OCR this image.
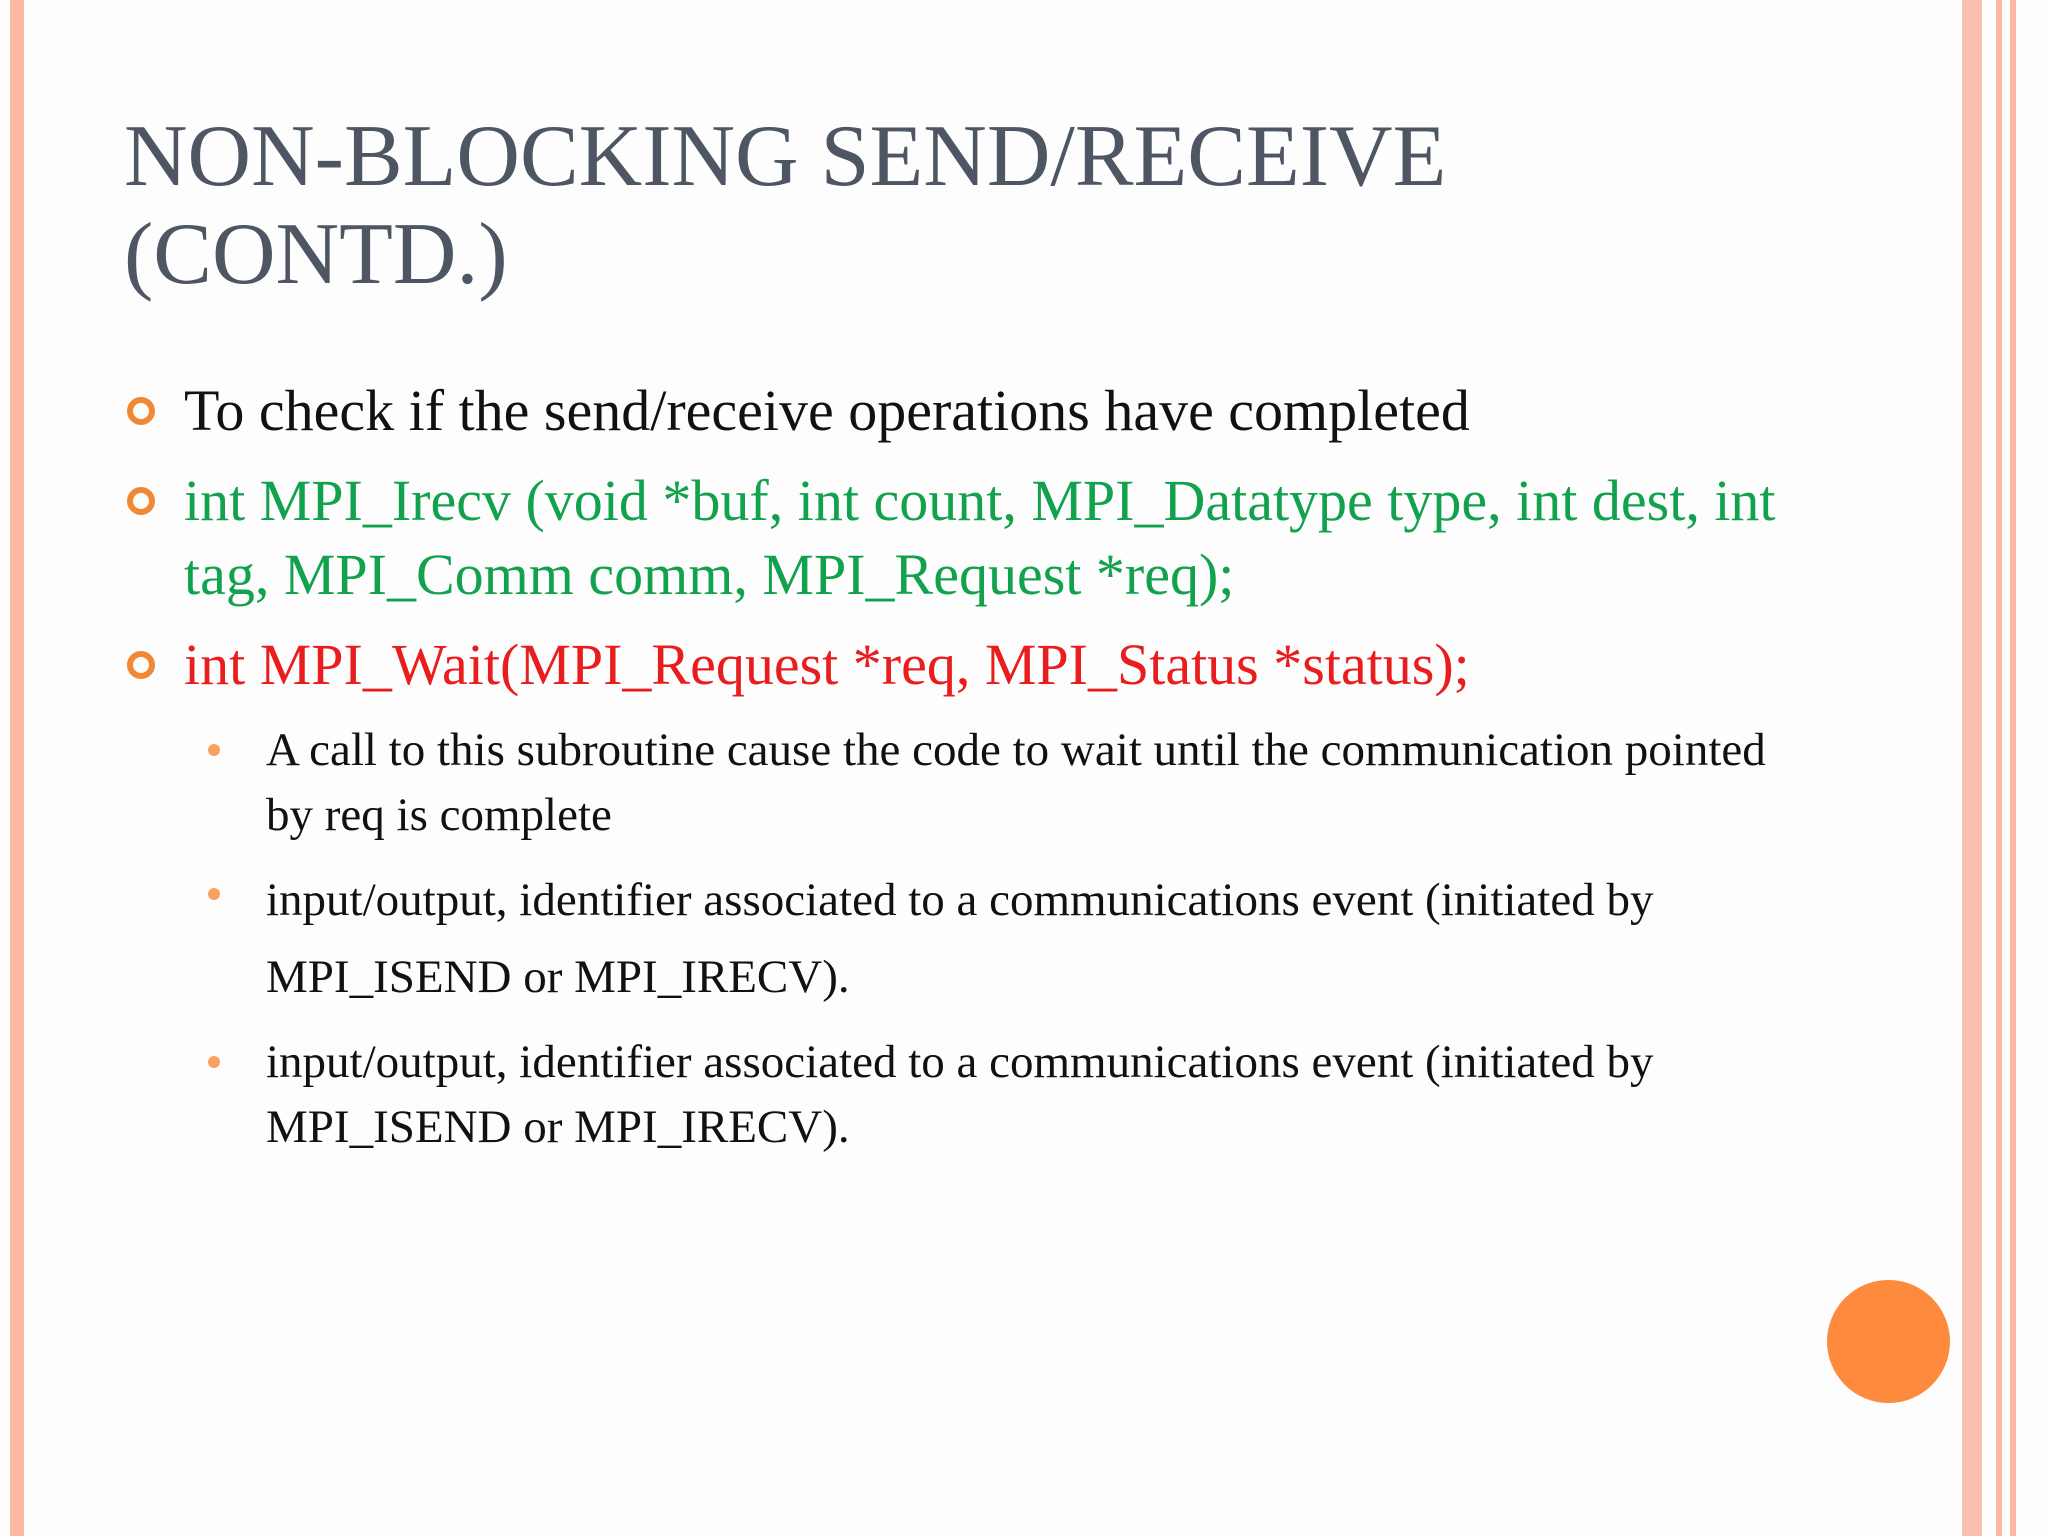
NON-BLOCKING SEND/RECEIVE (CONTD.)
To check if the send/receive operations have completed
int MPI_Irecv (void *buf, int count, MPI_Datatype type, int dest, int tag, MPI_Comm comm, MPI_Request *req);
int MPI_Wait(MPI_Request *req, MPI_Status *status);
A call to this subroutine cause the code to wait until the communication pointed by req is complete
input/output, identifier associated to a communications event (initiated by MPI_ISEND or MPI_IRECV).
input/output, identifier associated to a communications event (initiated by MPI_ISEND or MPI_IRECV).
